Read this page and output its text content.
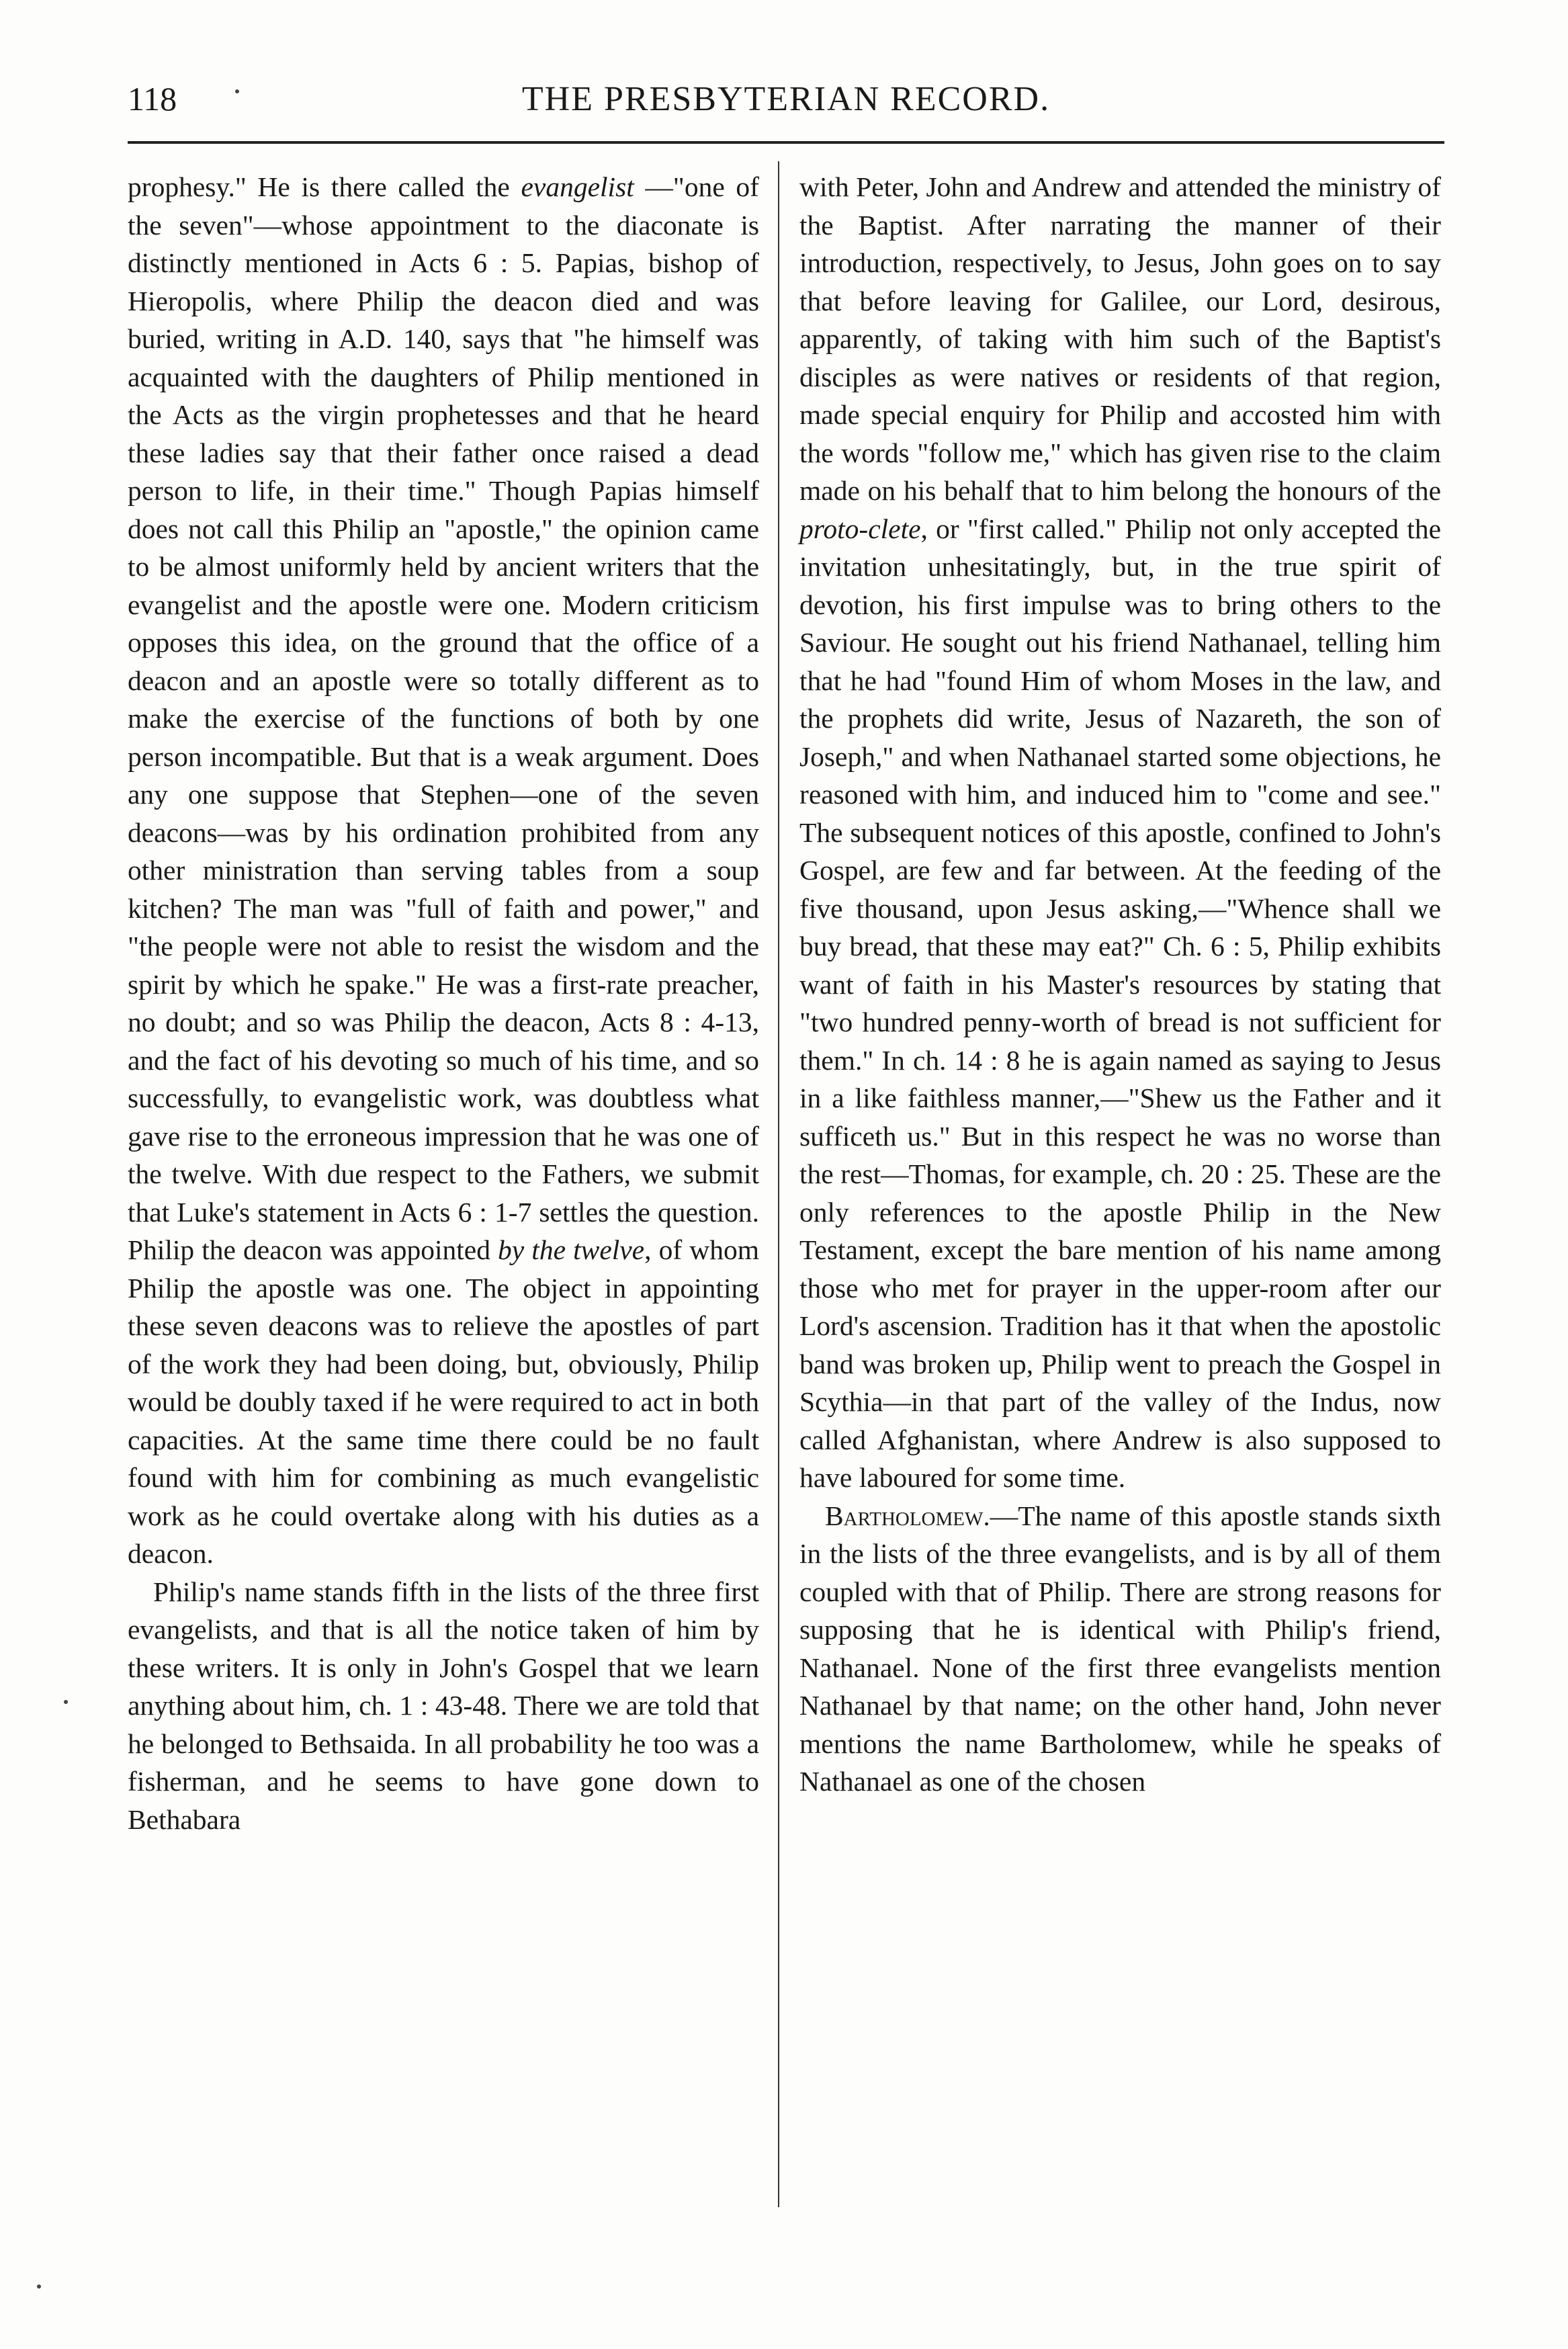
118	THE PRESBYTERIAN RECORD.

prophesy." He is there called the evangelist —"one of the seven"—whose appointment to the diaconate is distinctly mentioned in Acts 6 : 5. Papias, bishop of Hieropolis, where Philip the deacon died and was buried, writing in A.D. 140, says that "he himself was acquainted with the daughters of Philip mentioned in the Acts as the virgin prophetesses and that he heard these ladies say that their father once raised a dead person to life, in their time." Though Papias himself does not call this Philip an "apostle," the opinion came to be almost uniformly held by ancient writers that the evangelist and the apostle were one. Modern criticism opposes this idea, on the ground that the office of a deacon and an apostle were so totally different as to make the exercise of the functions of both by one person incompatible. But that is a weak argument. Does any one suppose that Stephen—one of the seven deacons—was by his ordination prohibited from any other ministration than serving tables from a soup kitchen? The man was "full of faith and power," and "the people were not able to resist the wisdom and the spirit by which he spake." He was a first-rate preacher, no doubt; and so was Philip the deacon, Acts 8 : 4-13, and the fact of his devoting so much of his time, and so successfully, to evangelistic work, was doubtless what gave rise to the erroneous impression that he was one of the twelve. With due respect to the Fathers, we submit that Luke's statement in Acts 6 : 1-7 settles the question. Philip the deacon was appointed by the twelve, of whom Philip the apostle was one. The object in appointing these seven deacons was to relieve the apostles of part of the work they had been doing, but, obviously, Philip would be doubly taxed if he were required to act in both capacities. At the same time there could be no fault found with him for combining as much evangelistic work as he could overtake along with his duties as a deacon.

Philip's name stands fifth in the lists of the three first evangelists, and that is all the notice taken of him by these writers. It is only in John's Gospel that we learn anything about him, ch. 1 : 43-48. There we are told that he belonged to Bethsaida. In all probability he too was a fisherman, and he seems to have gone down to Bethabara

with Peter, John and Andrew and attended the ministry of the Baptist. After narrating the manner of their introduction, respectively, to Jesus, John goes on to say that before leaving for Galilee, our Lord, desirous, apparently, of taking with him such of the Baptist's disciples as were natives or residents of that region, made special enquiry for Philip and accosted him with the words "follow me," which has given rise to the claim made on his behalf that to him belong the honours of the proto-clete, or "first called." Philip not only accepted the invitation unhesitatingly, but, in the true spirit of devotion, his first impulse was to bring others to the Saviour. He sought out his friend Nathanael, telling him that he had "found Him of whom Moses in the law, and the prophets did write, Jesus of Nazareth, the son of Joseph," and when Nathanael started some objections, he reasoned with him, and induced him to "come and see." The subsequent notices of this apostle, confined to John's Gospel, are few and far between. At the feeding of the five thousand, upon Jesus asking,—"Whence shall we buy bread, that these may eat?" Ch. 6 : 5, Philip exhibits want of faith in his Master's resources by stating that "two hundred penny-worth of bread is not sufficient for them." In ch. 14 : 8 he is again named as saying to Jesus in a like faithless manner,—"Shew us the Father and it sufficeth us." But in this respect he was no worse than the rest—Thomas, for example, ch. 20 : 25. These are the only references to the apostle Philip in the New Testament, except the bare mention of his name among those who met for prayer in the upper-room after our Lord's ascension. Tradition has it that when the apostolic band was broken up, Philip went to preach the Gospel in Scythia—in that part of the valley of the Indus, now called Afghanistan, where Andrew is also supposed to have laboured for some time.

Bartholomew.—The name of this apostle stands sixth in the lists of the three evangelists, and is by all of them coupled with that of Philip. There are strong reasons for supposing that he is identical with Philip's friend, Nathanael. None of the first three evangelists mention Nathanael by that name; on the other hand, John never mentions the name Bartholomew, while he speaks of Nathanael as one of the chosen
